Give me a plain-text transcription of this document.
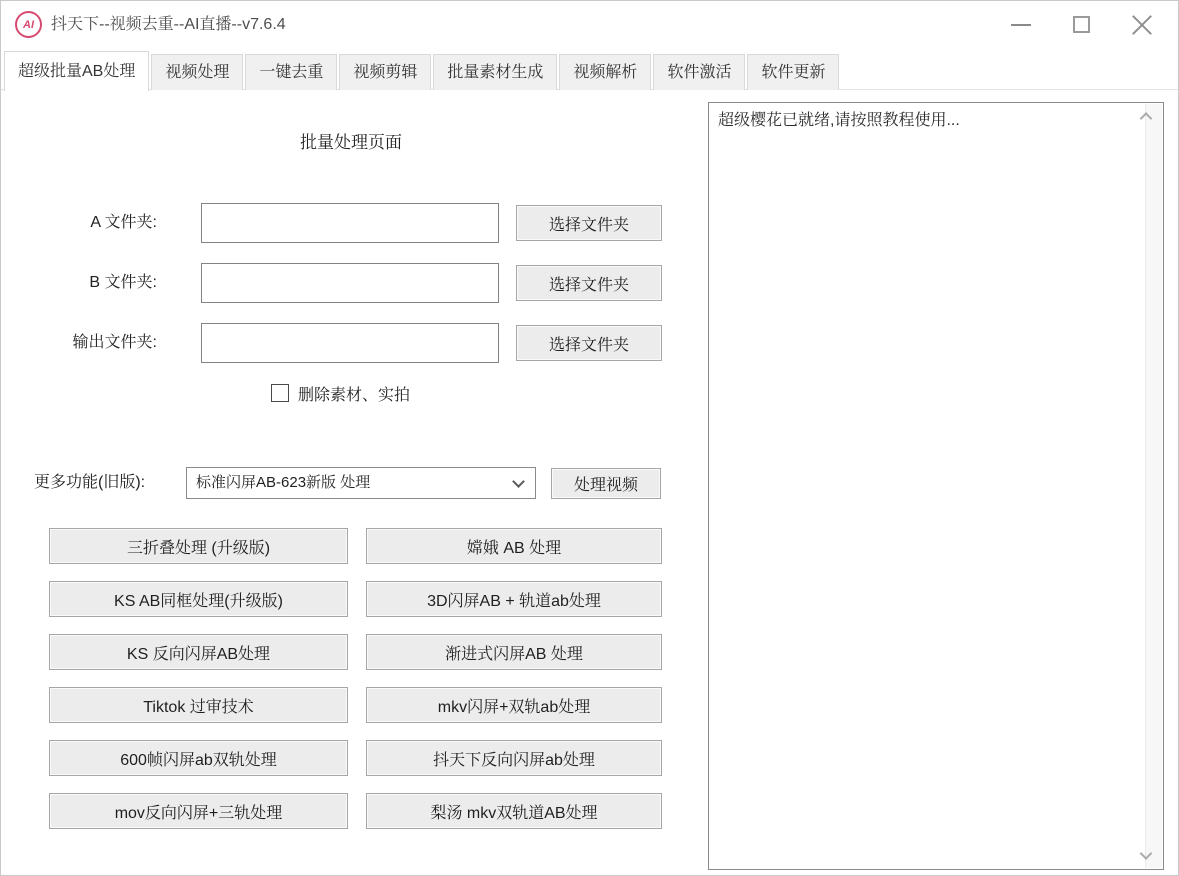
AI	抖天下--视频去重--AI直播--v7.6.4
超级批量AB处理	视频处理	一键去重	视频剪辑	批量素材生成	视频解析	软件激活	软件更新
批量处理页面
A 文件夹:	选择文件夹
B 文件夹:	选择文件夹
输出文件夹:	选择文件夹
删除素材、实拍
更多功能(旧版):	标准闪屏AB-623新版 处理	处理视频
三折叠处理 (升级版)	嫦娥 AB 处理
KS AB同框处理(升级版)	3D闪屏AB + 轨道ab处理
KS 反向闪屏AB处理	渐进式闪屏AB 处理
Tiktok 过审技术	mkv闪屏+双轨ab处理
600帧闪屏ab双轨处理	抖天下反向闪屏ab处理
mov反向闪屏+三轨处理	梨汤 mkv双轨道AB处理
超级樱花已就绪,请按照教程使用...
